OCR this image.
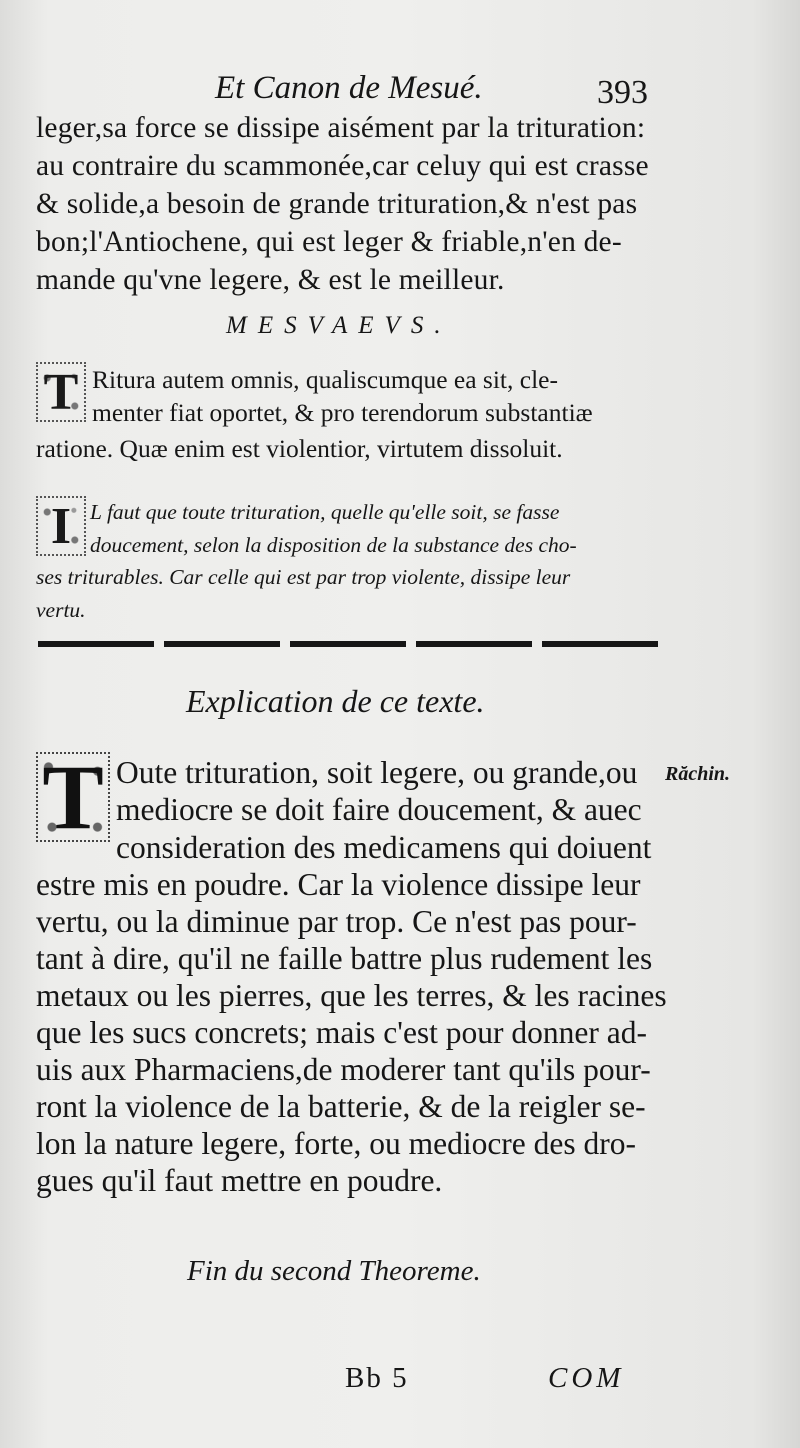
Et Canon de Mesué.	393
leger,sa force se dissipe aisément par la trituration:
au contraire du scammonée,car celuy qui est crasse
& solide,a besoin de grande trituration,& n'est pas
bon;l'Antiochene, qui est leger & friable,n'en de-
mande qu'vne legere, & est le meilleur.
MESVAEVS.
T Ritura autem omnis, qualiscumque ea sit, cle-
menter fiat oportet, & pro terendorum substantiæ
ratione. Quæ enim est violentior, virtutem dissoluit.
I L faut que toute trituration, quelle qu'elle soit, se fasse
doucement, selon la disposition de la substance des cho-
ses triturables. Car celle qui est par trop violente, dissipe leur
vertu.
Explication de ce texte.
T	Răchin.
Oute trituration, soit legere, ou grande,ou
mediocre se doit faire doucement, & auec
consideration des medicamens qui doiuent
estre mis en poudre. Car la violence dissipe leur
vertu, ou la diminue par trop. Ce n'est pas pour-
tant à dire, qu'il ne faille battre plus rudement les
metaux ou les pierres, que les terres, & les racines
que les sucs concrets; mais c'est pour donner ad-
uis aux Pharmaciens,de moderer tant qu'ils pour-
ront la violence de la batterie, & de la reigler se-
lon la nature legere, forte, ou mediocre des dro-
gues qu'il faut mettre en poudre.
Fin du second Theoreme.
Bb 5	COM
